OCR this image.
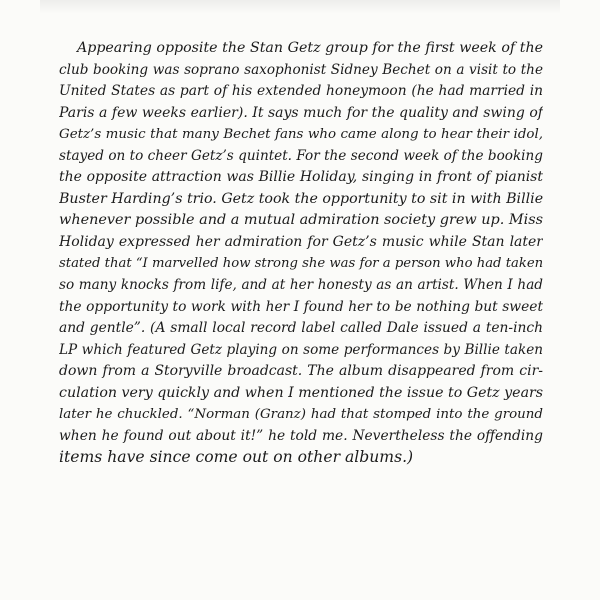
Appearing opposite the Stan Getz group for the first week of the
club booking was soprano saxophonist Sidney Bechet on a visit to the
United States as part of his extended honeymoon (he had married in
Paris a few weeks earlier). It says much for the quality and swing of
Getz’s music that many Bechet fans who came along to hear their idol,
stayed on to cheer Getz’s quintet. For the second week of the booking
the opposite attraction was Billie Holiday, singing in front of pianist
Buster Harding’s trio. Getz took the opportunity to sit in with Billie
whenever possible and a mutual admiration society grew up. Miss
Holiday expressed her admiration for Getz’s music while Stan later
stated that “I marvelled how strong she was for a person who had taken
so many knocks from life, and at her honesty as an artist. When I had
the opportunity to work with her I found her to be nothing but sweet
and gentle”. (A small local record label called Dale issued a ten-inch
LP which featured Getz playing on some performances by Billie taken
down from a Storyville broadcast. The album disappeared from cir-
culation very quickly and when I mentioned the issue to Getz years
later he chuckled. “Norman (Granz) had that stomped into the ground
when he found out about it!” he told me. Nevertheless the offending
items have since come out on other albums.)
